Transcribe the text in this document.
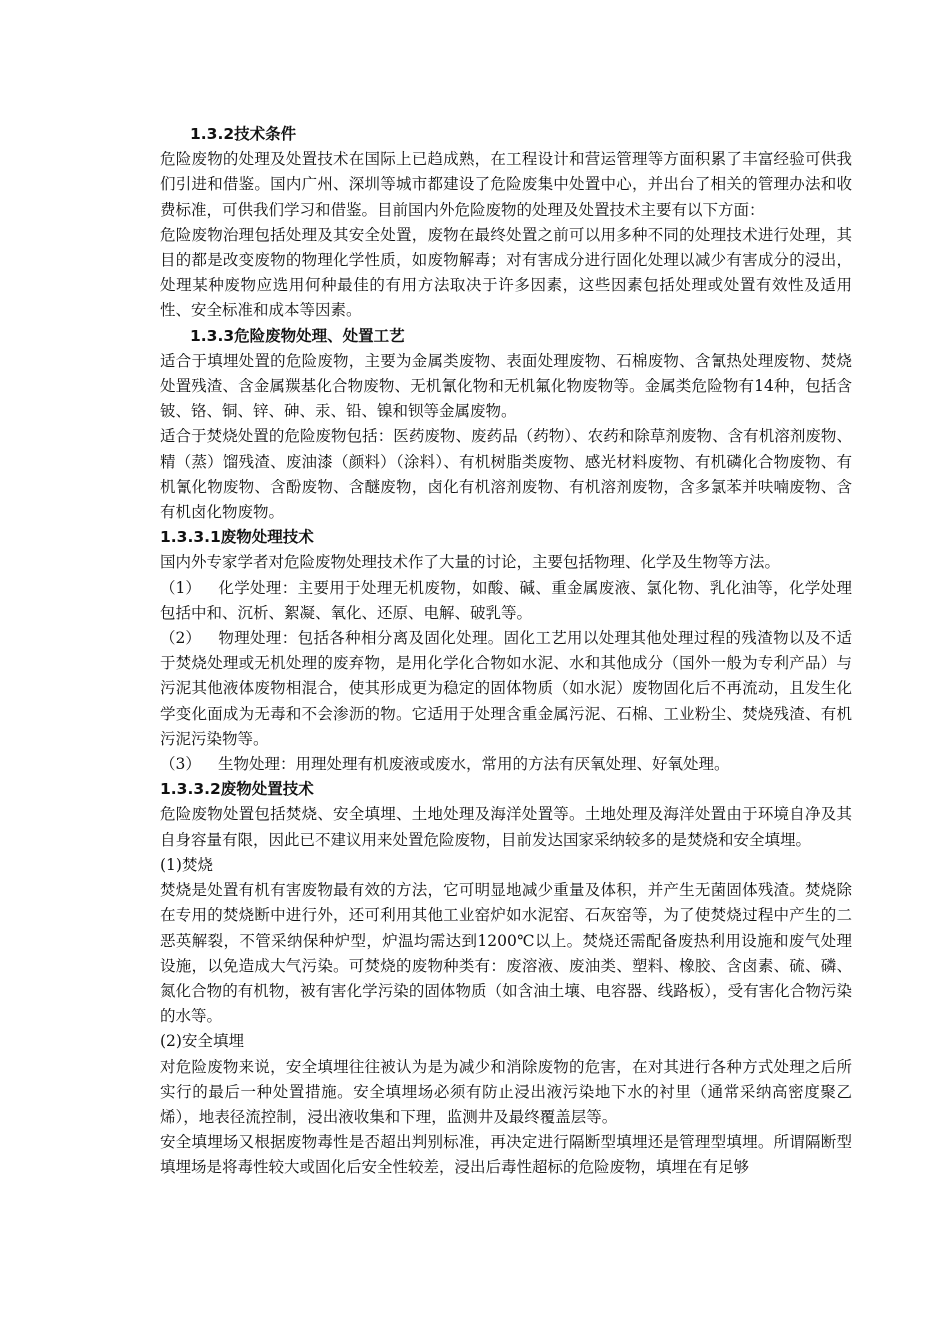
1.3.2技术条件

危险废物的处理及处置技术在国际上已趋成熟，在工程设计和营运管理等方面积累了丰富经验可供我们引进和借鉴。国内广州、深圳等城市都建设了危险废集中处置中心，并出台了相关的管理办法和收费标准，可供我们学习和借鉴。目前国内外危险废物的处理及处置技术主要有以下方面：

危险废物治理包括处理及其安全处置，废物在最终处置之前可以用多种不同的处理技术进行处理，其目的都是改变废物的物理化学性质，如废物解毒；对有害成分进行固化处理以减少有害成分的浸出，处理某种废物应选用何种最佳的有用方法取决于许多因素，这些因素包括处理或处置有效性及适用性、安全标准和成本等因素。

1.3.3危险废物处理、处置工艺

适合于填埋处置的危险废物，主要为金属类废物、表面处理废物、石棉废物、含氰热处理废物、焚烧处置残渣、含金属羰基化合物废物、无机氰化物和无机氟化物废物等。金属类危险物有14种，包括含铍、铬、铜、锌、砷、汞、铅、镍和钡等金属废物。

适合于焚烧处置的危险废物包括：医药废物、废药品（药物）、农药和除草剂废物、含有机溶剂废物、精（蒸）馏残渣、废油漆（颜料）（涂料）、有机树脂类废物、感光材料废物、有机磷化合物废物、有机氰化物废物、含酚废物、含醚废物，卤化有机溶剂废物、有机溶剂废物，含多氯苯并呋喃废物、含有机卤化物废物。

1.3.3.1废物处理技术

国内外专家学者对危险废物处理技术作了大量的讨论，主要包括物理、化学及生物等方法。

（1） 化学处理：主要用于处理无机废物，如酸、碱、重金属废液、氯化物、乳化油等，化学处理包括中和、沉析、絮凝、氧化、还原、电解、破乳等。

（2） 物理处理：包括各种相分离及固化处理。固化工艺用以处理其他处理过程的残渣物以及不适于焚烧处理或无机处理的废弃物，是用化学化合物如水泥、水和其他成分（国外一般为专利产品）与污泥其他液体废物相混合，使其形成更为稳定的固体物质（如水泥）废物固化后不再流动，且发生化学变化面成为无毒和不会渗沥的物。它适用于处理含重金属污泥、石棉、工业粉尘、焚烧残渣、有机污泥污染物等。

（3） 生物处理：用理处理有机废液或废水，常用的方法有厌氧处理、好氧处理。

1.3.3.2废物处置技术

危险废物处置包括焚烧、安全填埋、土地处理及海洋处置等。土地处理及海洋处置由于环境自净及其自身容量有限，因此已不建议用来处置危险废物，目前发达国家采纳较多的是焚烧和安全填埋。

(1)焚烧

焚烧是处置有机有害废物最有效的方法，它可明显地减少重量及体积，并产生无菌固体残渣。焚烧除在专用的焚烧断中进行外，还可利用其他工业窑炉如水泥窑、石灰窑等，为了使焚烧过程中产生的二恶英解裂，不管采纳保种炉型，炉温均需达到1200℃以上。焚烧还需配备废热利用设施和废气处理设施，以免造成大气污染。可焚烧的废物种类有：废溶液、废油类、塑料、橡胶、含卤素、硫、磷、氮化合物的有机物，被有害化学污染的固体物质（如含油土壤、电容器、线路板），受有害化合物污染的水等。

(2)安全填埋

对危险废物来说，安全填埋往往被认为是为减少和消除废物的危害，在对其进行各种方式处理之后所实行的最后一种处置措施。安全填埋场必须有防止浸出液污染地下水的衬里（通常采纳高密度聚乙烯），地表径流控制，浸出液收集和下理，监测井及最终覆盖层等。

安全填埋场又根据废物毒性是否超出判别标准，再决定进行隔断型填埋还是管理型填埋。所谓隔断型填埋场是将毒性较大或固化后安全性较差，浸出后毒性超标的危险废物，填埋在有足够
